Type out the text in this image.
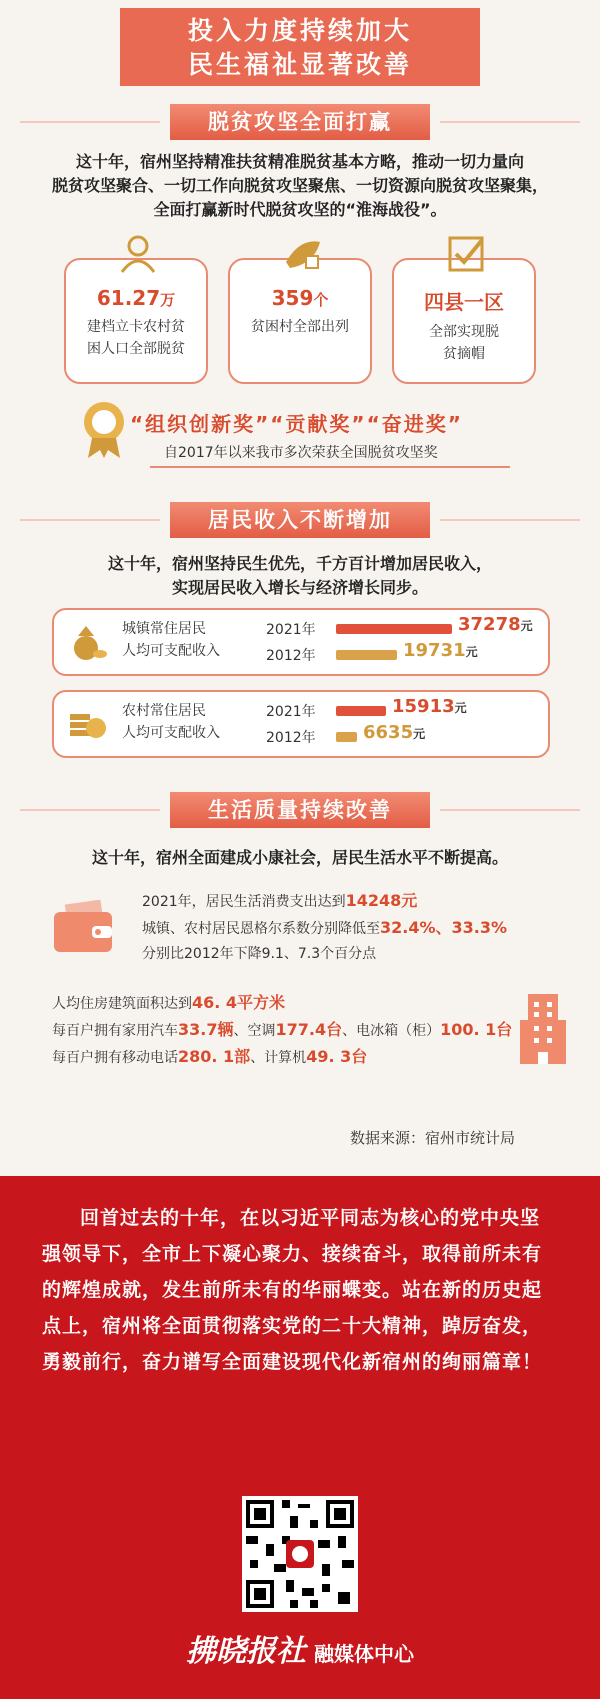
投入力度持续加大
民生福祉显著改善
脱贫攻坚全面打赢
这十年，宿州坚持精准扶贫精准脱贫基本方略，推动一切力量向
脱贫攻坚聚合、一切工作向脱贫攻坚聚焦、一切资源向脱贫攻坚聚集，
全面打赢新时代脱贫攻坚的“淮海战役”。
61.27万
建档立卡农村贫困人口全部脱贫
359个
贫困村全部出列
四县一区
全部实现脱贫摘帽
“组织创新奖”“贡献奖”“奋进奖”
自2017年以来我市多次荣获全国脱贫攻坚奖
居民收入不断增加
这十年，宿州坚持民生优先，千方百计增加居民收入，
实现居民收入增长与经济增长同步。
城镇常住居民
人均可支配收入
2021年
2012年
37278元
19731元
农村常住居民
人均可支配收入
2021年
2012年
15913元
6635元
生活质量持续改善
这十年，宿州全面建成小康社会，居民生活水平不断提高。
2021年，居民生活消费支出达到14248元
城镇、农村居民恩格尔系数分别降低至32.4%、33.3%
分别比2012年下降9.1、7.3个百分点
人均住房建筑面积达到46. 4平方米
每百户拥有家用汽车33.7辆、空调177.4台、电冰箱（柜）100. 1台
每百户拥有移动电话280. 1部、计算机49. 3台
数据来源：宿州市统计局
回首过去的十年，在以习近平同志为核心的党中央坚强领导下，全市上下凝心聚力、接续奋斗，取得前所未有的辉煌成就，发生前所未有的华丽蝶变。站在新的历史起点上，宿州将全面贯彻落实党的二十大精神，踔厉奋发，勇毅前行，奋力谱写全面建设现代化新宿州的绚丽篇章！
拂晓报社 融媒体中心
